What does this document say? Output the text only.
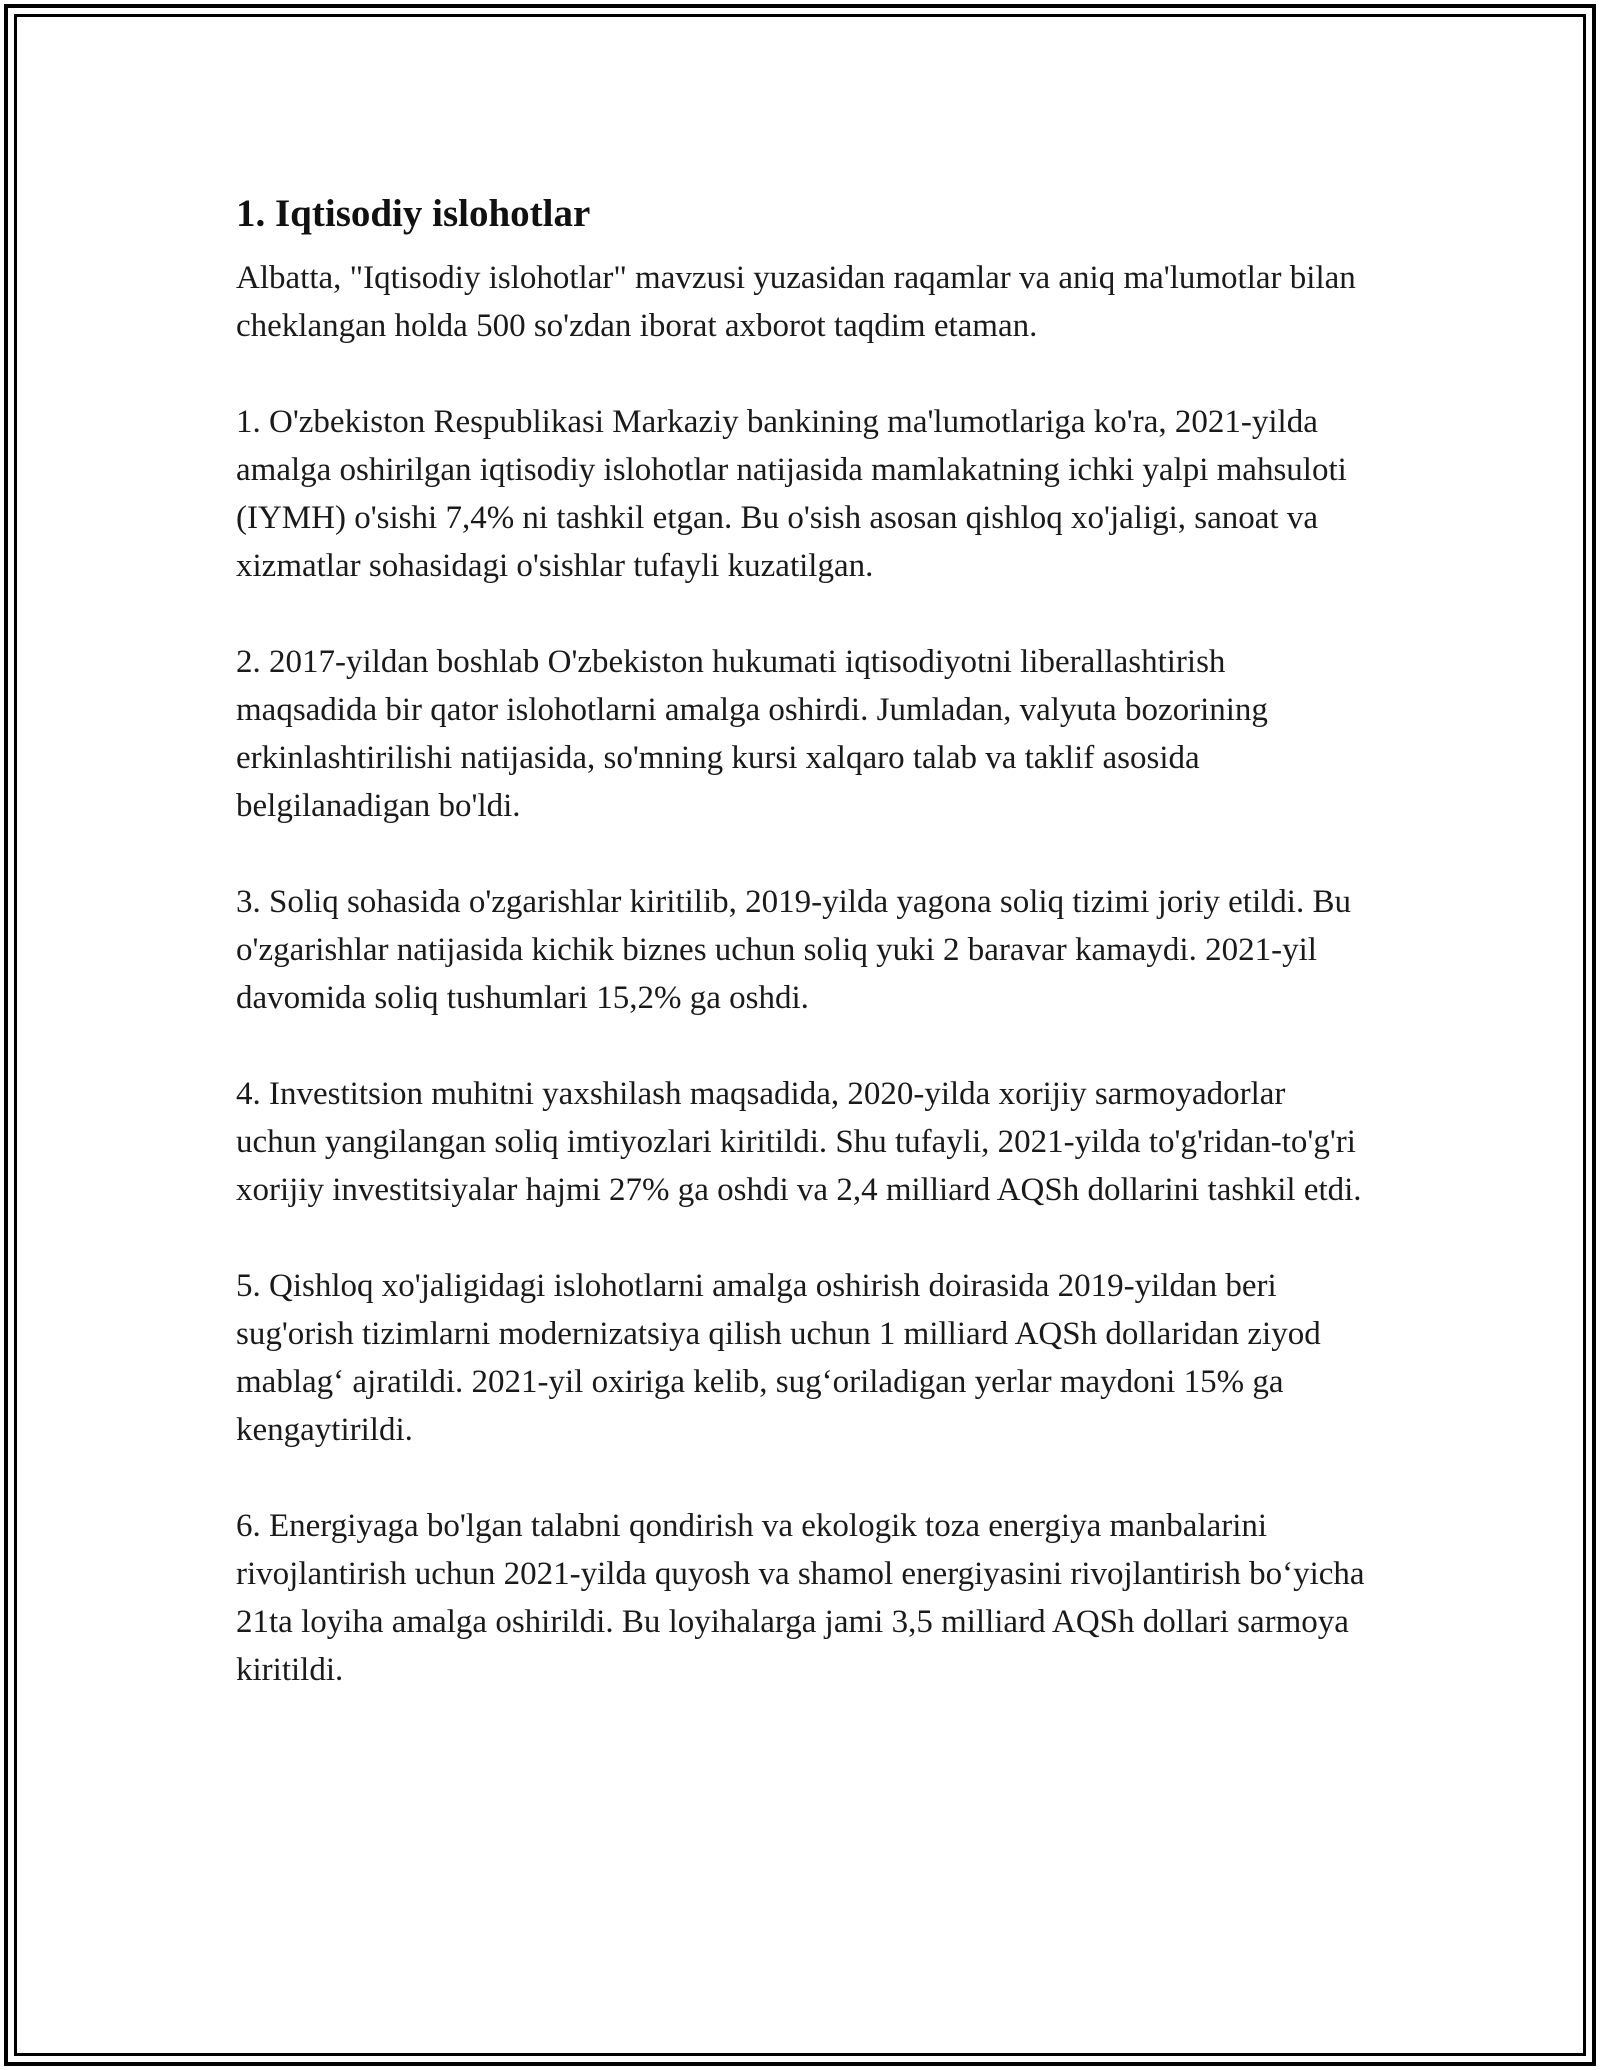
1. Iqtisodiy islohotlar

Albatta, "Iqtisodiy islohotlar" mavzusi yuzasidan raqamlar va aniq ma'lumotlar bilan cheklangan holda 500 so'zdan iborat axborot taqdim etaman.

1. O'zbekiston Respublikasi Markaziy bankining ma'lumotlariga ko'ra, 2021-yilda amalga oshirilgan iqtisodiy islohotlar natijasida mamlakatning ichki yalpi mahsuloti (IYMH) o'sishi 7,4% ni tashkil etgan. Bu o'sish asosan qishloq xo'jaligi, sanoat va xizmatlar sohasidagi o'sishlar tufayli kuzatilgan.

2. 2017-yildan boshlab O'zbekiston hukumati iqtisodiyotni liberallashtirish maqsadida bir qator islohotlarni amalga oshirdi. Jumladan, valyuta bozorining erkinlashtirilishi natijasida, so'mning kursi xalqaro talab va taklif asosida belgilanadigan bo'ldi.

3. Soliq sohasida o'zgarishlar kiritilib, 2019-yilda yagona soliq tizimi joriy etildi. Bu o'zgarishlar natijasida kichik biznes uchun soliq yuki 2 baravar kamaydi. 2021-yil davomida soliq tushumlari 15,2% ga oshdi.

4. Investitsion muhitni yaxshilash maqsadida, 2020-yilda xorijiy sarmoyadorlar uchun yangilangan soliq imtiyozlari kiritildi. Shu tufayli, 2021-yilda to'g'ridan-to'g'ri xorijiy investitsiyalar hajmi 27% ga oshdi va 2,4 milliard AQSh dollarini tashkil etdi.

5. Qishloq xo'jaligidagi islohotlarni amalga oshirish doirasida 2019-yildan beri sug'orish tizimlarni modernizatsiya qilish uchun 1 milliard AQSh dollaridan ziyod mablag‘ ajratildi. 2021-yil oxiriga kelib, sug‘oriladigan yerlar maydoni 15% ga kengaytirildi.

6. Energiyaga bo'lgan talabni qondirish va ekologik toza energiya manbalarini rivojlantirish uchun 2021-yilda quyosh va shamol energiyasini rivojlantirish bo‘yicha 21ta loyiha amalga oshirildi. Bu loyihalarga jami 3,5 milliard AQSh dollari sarmoya kiritildi.
